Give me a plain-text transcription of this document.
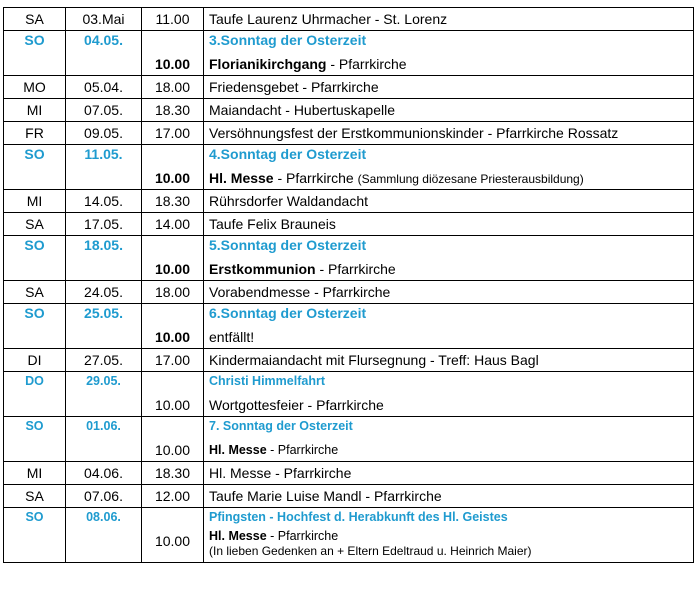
SA	03.Mai	11.00	Taufe Laurenz Uhrmacher - St. Lorenz
SO	04.05.	10.00	3.Sonntag der Osterzeit
Florianikirchgang - Pfarrkirche

MO	05.04.	18.00	Friedensgebet - Pfarrkirche
MI	07.05.	18.30	Maiandacht - Hubertuskapelle
FR	09.05.	17.00	Versöhnungsfest der Erstkommunionskinder - Pfarrkirche Rossatz
SO	11.05.	10.00	4.Sonntag der Osterzeit
Hl. Messe - Pfarrkirche (Sammlung diözesane Priesterausbildung)

MI	14.05.	18.30	Rührsdorfer Waldandacht
SA	17.05.	14.00	Taufe Felix Brauneis
SO	18.05.	10.00	5.Sonntag der Osterzeit
Erstkommunion - Pfarrkirche

SA	24.05.	18.00	Vorabendmesse - Pfarrkirche
SO	25.05.	10.00	6.Sonntag der Osterzeit
entfällt!

DI	27.05.	17.00	Kindermaiandacht mit Flursegnung - Treff: Haus Bagl
DO	29.05.	10.00	Christi Himmelfahrt
Wortgottesfeier - Pfarrkirche

SO	01.06.	10.00	7. Sonntag der Osterzeit
Hl. Messe - Pfarrkirche

MI	04.06.	18.30	Hl. Messe - Pfarrkirche
SA	07.06.	12.00	Taufe Marie Luise Mandl - Pfarrkirche
SO	08.06.	10.00	Pfingsten - Hochfest d. Herabkunft des Hl. Geistes
Hl. Messe - Pfarrkirche
(In lieben Gedenken an + Eltern Edeltraud u. Heinrich Maier)
